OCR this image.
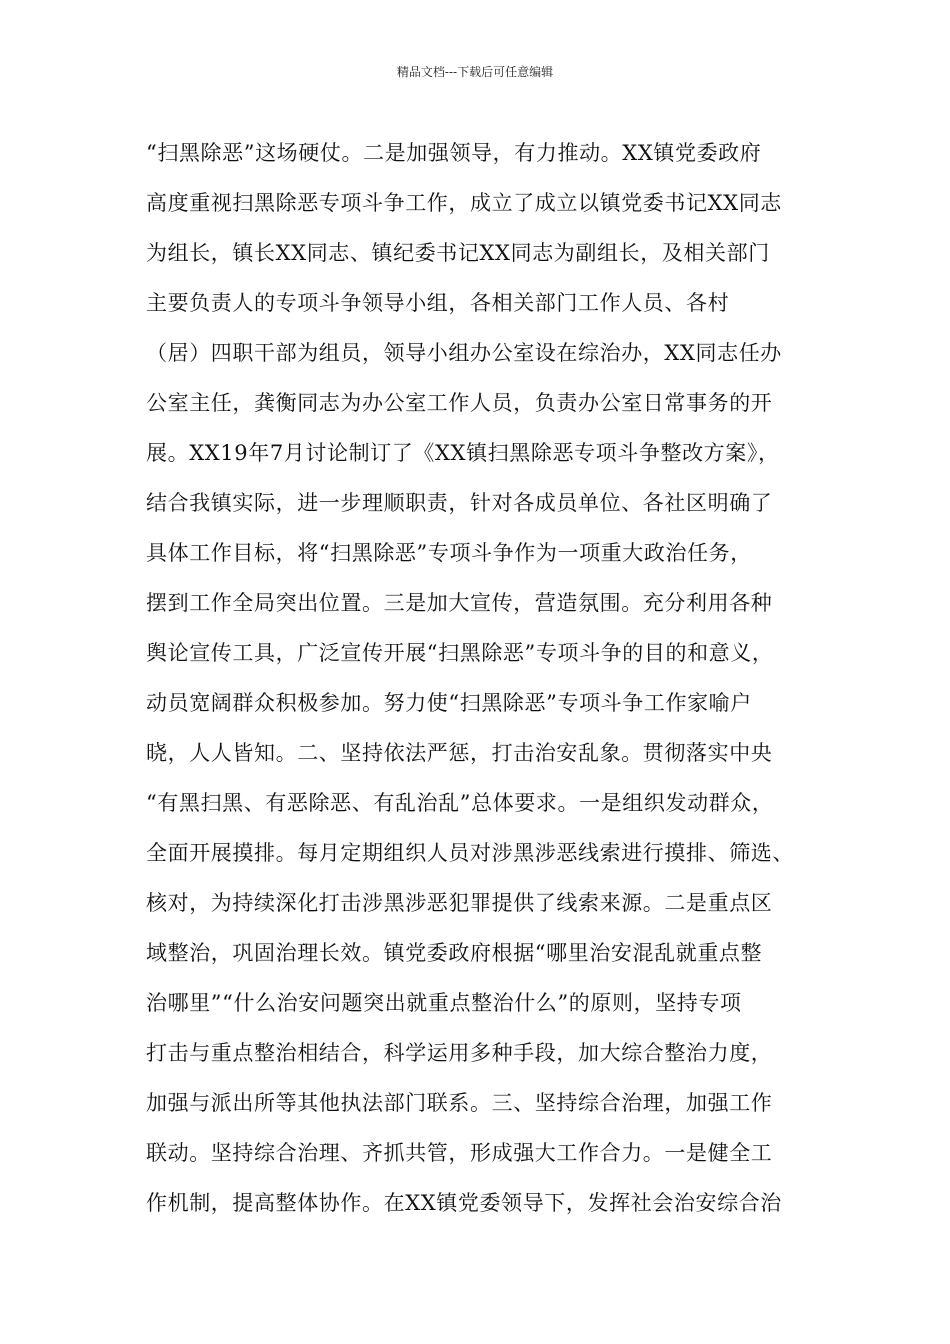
精品文档---下载后可任意编辑
“扫黑除恶”这场硬仗。二是加强领导，有力推动。XX镇党委政府
高度重视扫黑除恶专项斗争工作，成立了成立以镇党委书记XX同志
为组长，镇长XX同志、镇纪委书记XX同志为副组长，及相关部门
主要负责人的专项斗争领导小组，各相关部门工作人员、各村
（居）四职干部为组员，领导小组办公室设在综治办，XX同志任办
公室主任，龚衡同志为办公室工作人员，负责办公室日常事务的开
展。XX19年7月讨论制订了《XX镇扫黑除恶专项斗争整改方案》，
结合我镇实际，进一步理顺职责，针对各成员单位、各社区明确了
具体工作目标，将“扫黑除恶”专项斗争作为一项重大政治任务，
摆到工作全局突出位置。三是加大宣传，营造氛围。充分利用各种
舆论宣传工具，广泛宣传开展“扫黑除恶”专项斗争的目的和意义，
动员宽阔群众积极参加。努力使“扫黑除恶”专项斗争工作家喻户
晓，人人皆知。二、坚持依法严惩，打击治安乱象。贯彻落实中央
“有黑扫黑、有恶除恶、有乱治乱”总体要求。一是组织发动群众，
全面开展摸排。每月定期组织人员对涉黑涉恶线索进行摸排、筛选、
核对，为持续深化打击涉黑涉恶犯罪提供了线索来源。二是重点区
域整治，巩固治理长效。镇党委政府根据“哪里治安混乱就重点整
治哪里”“什么治安问题突出就重点整治什么”的原则，坚持专项
打击与重点整治相结合，科学运用多种手段，加大综合整治力度，
加强与派出所等其他执法部门联系。三、坚持综合治理，加强工作
联动。坚持综合治理、齐抓共管，形成强大工作合力。一是健全工
作机制，提高整体协作。在XX镇党委领导下，发挥社会治安综合治
